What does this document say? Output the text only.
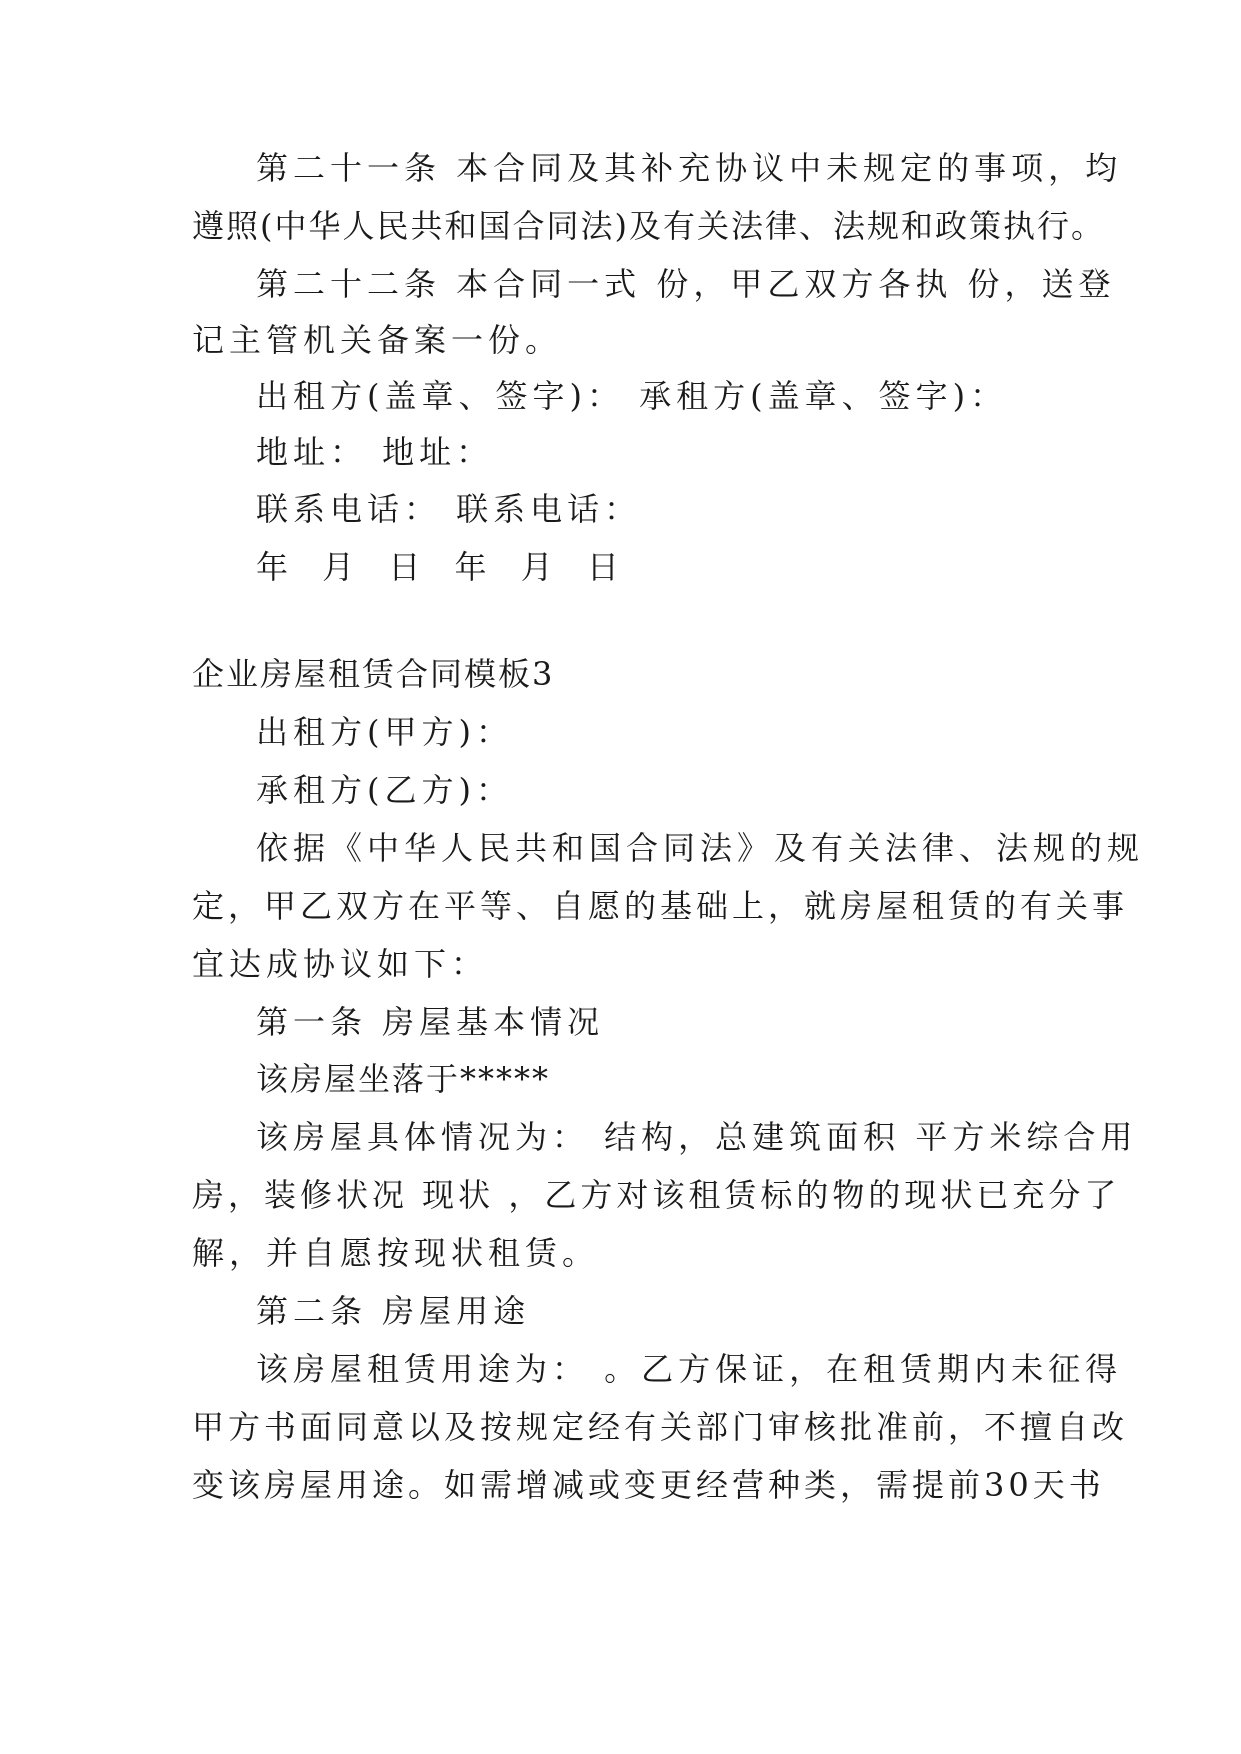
第二十一条 本合同及其补充协议中未规定的事项，均
遵照(中华人民共和国合同法)及有关法律、法规和政策执行。
第二十二条 本合同一式 份，甲乙双方各执 份，送登
记主管机关备案一份。
出租方(盖章、签字)： 承租方(盖章、签字)：
地址： 地址：
联系电话： 联系电话：
年 月 日 年 月 日
企业房屋租赁合同模板3
出租方(甲方)：
承租方(乙方)：
依据《中华人民共和国合同法》及有关法律、法规的规
定，甲乙双方在平等、自愿的基础上，就房屋租赁的有关事
宜达成协议如下：
第一条 房屋基本情况
该房屋坐落于*****
该房屋具体情况为： 结构，总建筑面积 平方米综合用
房，装修状况 现状 ，乙方对该租赁标的物的现状已充分了
解，并自愿按现状租赁。
第二条 房屋用途
该房屋租赁用途为： 。乙方保证，在租赁期内未征得
甲方书面同意以及按规定经有关部门审核批准前，不擅自改
变该房屋用途。如需增减或变更经营种类，需提前30天书
